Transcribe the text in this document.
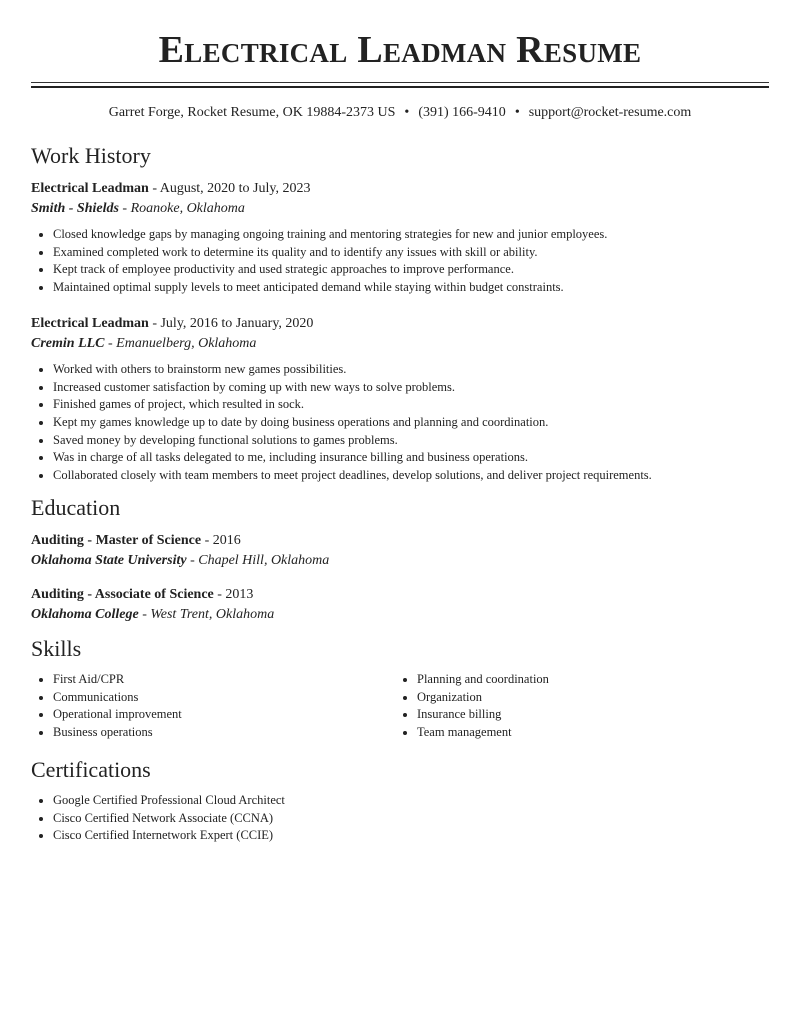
Electrical Leadman Resume
Garret Forge, Rocket Resume, OK 19884-2373 US • (391) 166-9410 • support@rocket-resume.com
Work History
Electrical Leadman - August, 2020 to July, 2023
Smith - Shields - Roanoke, Oklahoma
• Closed knowledge gaps by managing ongoing training and mentoring strategies for new and junior employees.
• Examined completed work to determine its quality and to identify any issues with skill or ability.
• Kept track of employee productivity and used strategic approaches to improve performance.
• Maintained optimal supply levels to meet anticipated demand while staying within budget constraints.
Electrical Leadman - July, 2016 to January, 2020
Cremin LLC - Emanuelberg, Oklahoma
• Worked with others to brainstorm new games possibilities.
• Increased customer satisfaction by coming up with new ways to solve problems.
• Finished games of project, which resulted in sock.
• Kept my games knowledge up to date by doing business operations and planning and coordination.
• Saved money by developing functional solutions to games problems.
• Was in charge of all tasks delegated to me, including insurance billing and business operations.
• Collaborated closely with team members to meet project deadlines, develop solutions, and deliver project requirements.
Education
Auditing - Master of Science - 2016
Oklahoma State University - Chapel Hill, Oklahoma
Auditing - Associate of Science - 2013
Oklahoma College - West Trent, Oklahoma
Skills
• First Aid/CPR
• Communications
• Operational improvement
• Business operations
• Planning and coordination
• Organization
• Insurance billing
• Team management
Certifications
• Google Certified Professional Cloud Architect
• Cisco Certified Network Associate (CCNA)
• Cisco Certified Internetwork Expert (CCIE)
